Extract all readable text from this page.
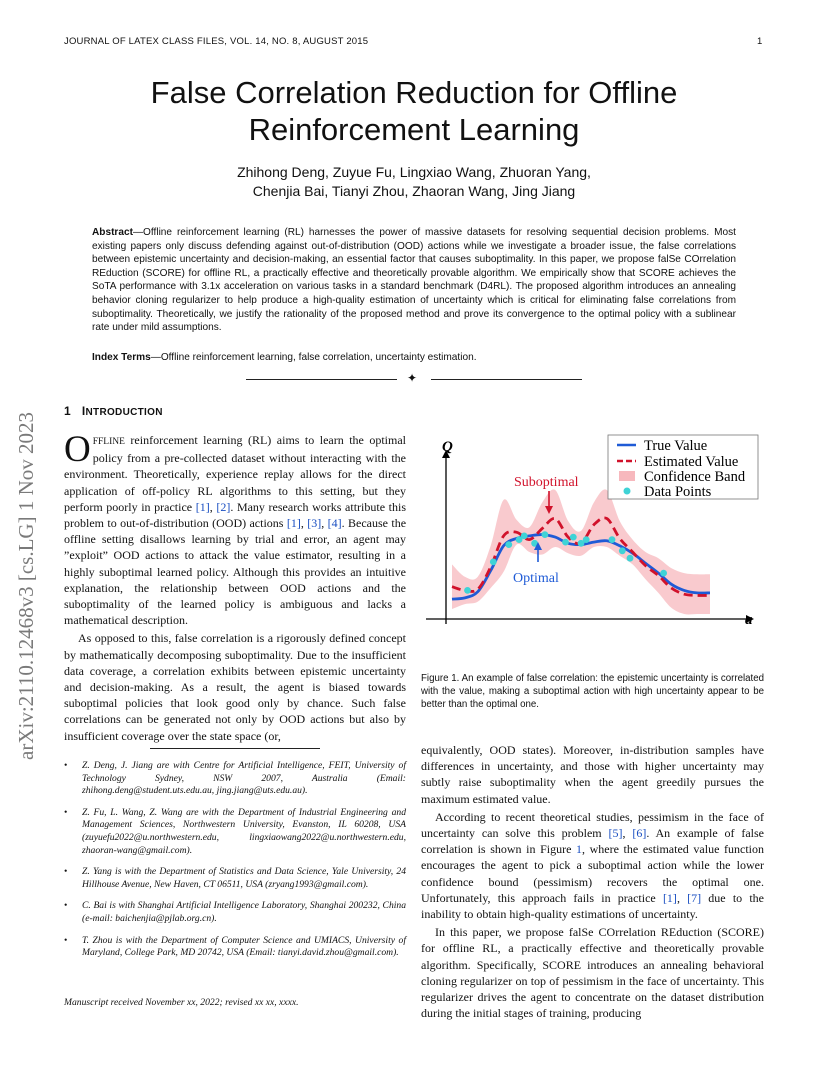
JOURNAL OF LATEX CLASS FILES, VOL. 14, NO. 8, AUGUST 2015	1
arXiv:2110.12468v3 [cs.LG] 1 Nov 2023
False Correlation Reduction for Offline
Reinforcement Learning
Zhihong Deng, Zuyue Fu, Lingxiao Wang, Zhuoran Yang,
Chenjia Bai, Tianyi Zhou, Zhaoran Wang, Jing Jiang
Abstract—Offline reinforcement learning (RL) harnesses the power of massive datasets for resolving sequential decision problems. Most existing papers only discuss defending against out-of-distribution (OOD) actions while we investigate a broader issue, the false correlations between epistemic uncertainty and decision-making, an essential factor that causes suboptimality. In this paper, we propose falSe COrrelation REduction (SCORE) for offline RL, a practically effective and theoretically provable algorithm. We empirically show that SCORE achieves the SoTA performance with 3.1x acceleration on various tasks in a standard benchmark (D4RL). The proposed algorithm introduces an annealing behavior cloning regularizer to help produce a high-quality estimation of uncertainty which is critical for eliminating false correlations from suboptimality. Theoretically, we justify the rationality of the proposed method and prove its convergence to the optimal policy with a sublinear rate under mild assumptions.
Index Terms—Offline reinforcement learning, false correlation, uncertainty estimation.
✦
1 INTRODUCTION

OFFLINE reinforcement learning (RL) aims to learn the optimal policy from a pre-collected dataset without interacting with the environment. Theoretically, experience replay allows for the direct application of off-policy RL algorithms to this setting, but they perform poorly in practice [1], [2]. Many research works attribute this problem to out-of-distribution (OOD) actions [1], [3], [4]. Because the offline setting disallows learning by trial and error, an agent may ”exploit” OOD actions to attack the value estimator, resulting in a highly suboptimal learned policy. Although this provides an intuitive explanation, the relationship between OOD actions and the suboptimality of the learned policy is ambiguous and lacks a mathematical description.

As opposed to this, false correlation is a rigorously defined concept by mathematically decomposing suboptimality. Due to the insufficient data coverage, a correlation exhibits between epistemic uncertainty and decision-making. As a result, the agent is biased towards suboptimal policies that look good only by chance. Such false correlations can be generated not only by OOD actions but also by insufficient coverage over the state space (or,

• Z. Deng, J. Jiang are with Centre for Artificial Intelligence, FEIT, University of Technology Sydney, NSW 2007, Australia (Email: zhihong.deng@student.uts.edu.au, jing.jiang@uts.edu.au).
• Z. Fu, L. Wang, Z. Wang are with the Department of Industrial Engineering and Management Sciences, Northwestern University, Evanston, IL 60208, USA (zuyuefu2022@u.northwestern.edu, lingxiaowang2022@u.northwestern.edu, zhaoran-wang@gmail.com).
• Z. Yang is with the Department of Statistics and Data Science, Yale University, 24 Hillhouse Avenue, New Haven, CT 06511, USA (zryang1993@gmail.com).
• C. Bai is with Shanghai Artificial Intelligence Laboratory, Shanghai 200232, China (e-mail: baichenjia@pjlab.org.cn).
• T. Zhou is with the Department of Computer Science and UMIACS, University of Maryland, College Park, MD 20742, USA (Email: tianyi.david.zhou@gmail.com).
Manuscript received November xx, 2022; revised xx xx, xxxx.
Q
a
Suboptimal
Optimal
True Value
Estimated Value
Confidence Band
Data Points
Figure 1. An example of false correlation: the epistemic uncertainty is correlated with the value, making a suboptimal action with high uncertainty appear to be better than the optimal one.

equivalently, OOD states). Moreover, in-distribution samples have differences in uncertainty, and those with higher uncertainty may subtly raise suboptimality when the agent greedily pursues the maximum estimated value.

According to recent theoretical studies, pessimism in the face of uncertainty can solve this problem [5], [6]. An example of false correlation is shown in Figure 1, where the estimated value function encourages the agent to pick a suboptimal action while the lower confidence bound (pessimism) recovers the optimal one. Unfortunately, this approach fails in practice [1], [7] due to the inability to obtain high-quality estimations of uncertainty.

In this paper, we propose falSe COrrelation REduction (SCORE) for offline RL, a practically effective and theoretically provable algorithm. Specifically, SCORE introduces an annealing behavioral cloning regularizer on top of pessimism in the face of uncertainty. This regularizer drives the agent to concentrate on the dataset distribution during the initial stages of training, producing
